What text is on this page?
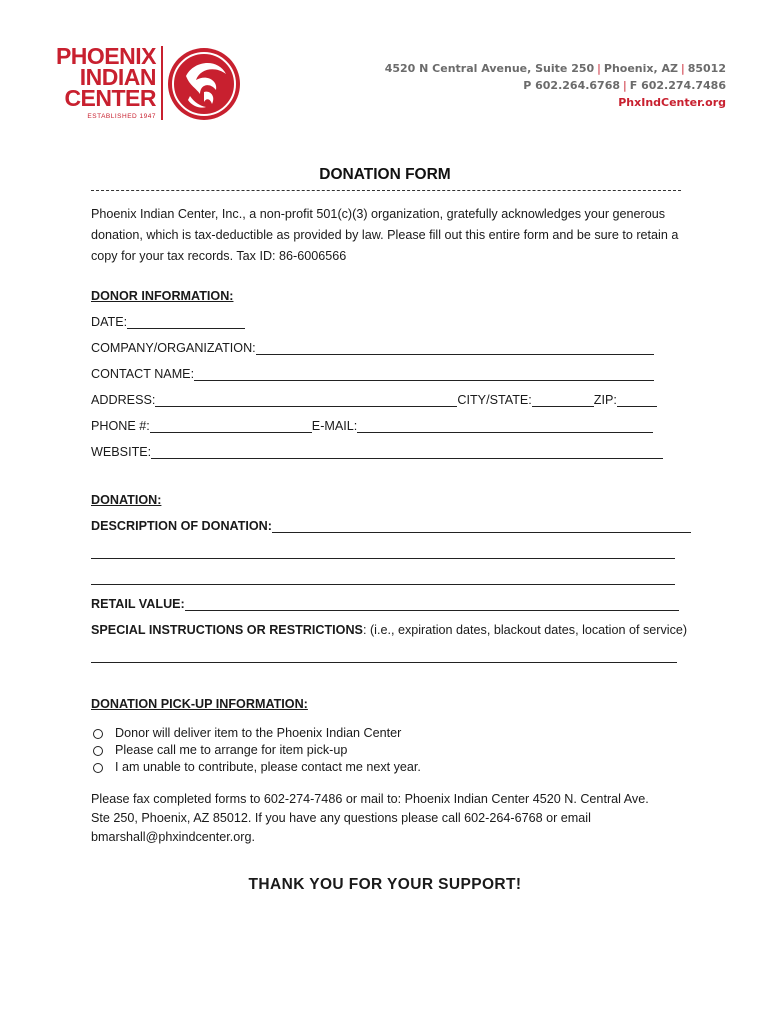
PHOENIX
INDIAN
CENTER
ESTABLISHED 1947
4520 N Central Avenue, Suite 250 | Phoenix, AZ | 85012
P 602.264.6768 | F 602.274.7486
PhxIndCenter.org
DONATION FORM

Phoenix Indian Center, Inc., a non-profit 501(c)(3) organization, gratefully acknowledges your generous donation, which is tax-deductible as provided by law. Please fill out this entire form and be sure to retain a copy for your tax records. Tax ID: 86-6006566

DONOR INFORMATION:
DATE:
COMPANY/ORGANIZATION:
CONTACT NAME:
ADDRESS:	CITY/STATE:	ZIP:
PHONE #:	E-MAIL:
WEBSITE:
DONATION:
DESCRIPTION OF DONATION:
RETAIL VALUE:
SPECIAL INSTRUCTIONS OR RESTRICTIONS : (i.e., expiration dates, blackout dates, location of service)
DONATION PICK-UP INFORMATION:
Donor will deliver item to the Phoenix Indian Center
Please call me to arrange for item pick-up
I am unable to contribute, please contact me next year.
Please fax completed forms to 602-274-7486 or mail to: Phoenix Indian Center 4520 N. Central Ave.
Ste 250, Phoenix, AZ 85012. If you have any questions please call 602-264-6768 or email
bmarshall@phxindcenter.org.
THANK YOU FOR YOUR SUPPORT!
